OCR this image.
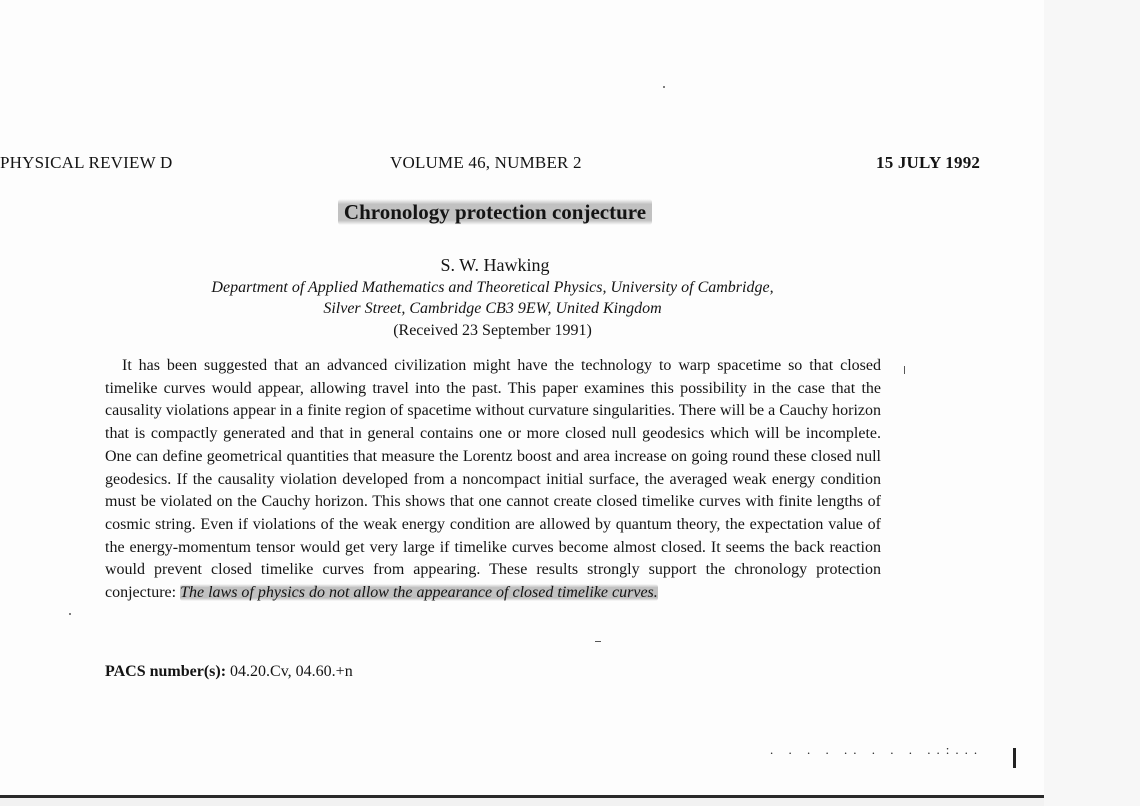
PHYSICAL REVIEW D	VOLUME 46, NUMBER 2	15 JULY 1992
Chronology protection conjecture
S. W. Hawking
Department of Applied Mathematics and Theoretical Physics, University of Cambridge,
Silver Street, Cambridge CB3 9EW, United Kingdom
(Received 23 September 1991)

It has been suggested that an advanced civilization might have the technology to warp spacetime so that closed timelike curves would appear, allowing travel into the past. This paper examines this possibility in the case that the causality violations appear in a finite region of spacetime without curvature singularities. There will be a Cauchy horizon that is compactly generated and that in general contains one or more closed null geodesics which will be incomplete. One can define geometrical quantities that measure the Lorentz boost and area increase on going round these closed null geodesics. If the causality violation developed from a noncompact initial surface, the averaged weak energy condition must be violated on the Cauchy horizon. This shows that one cannot create closed timelike curves with finite lengths of cosmic string. Even if violations of the weak energy condition are allowed by quantum theory, the expectation value of the energy-momentum tensor would get very large if timelike curves become almost closed. It seems the back reaction would prevent closed timelike curves from appearing. These results strongly support the chronology protection conjecture: The laws of physics do not allow the appearance of closed timelike curves.

PACS number(s): 04.20.Cv, 04.60.+n
. . . . .. . . . ..:...
